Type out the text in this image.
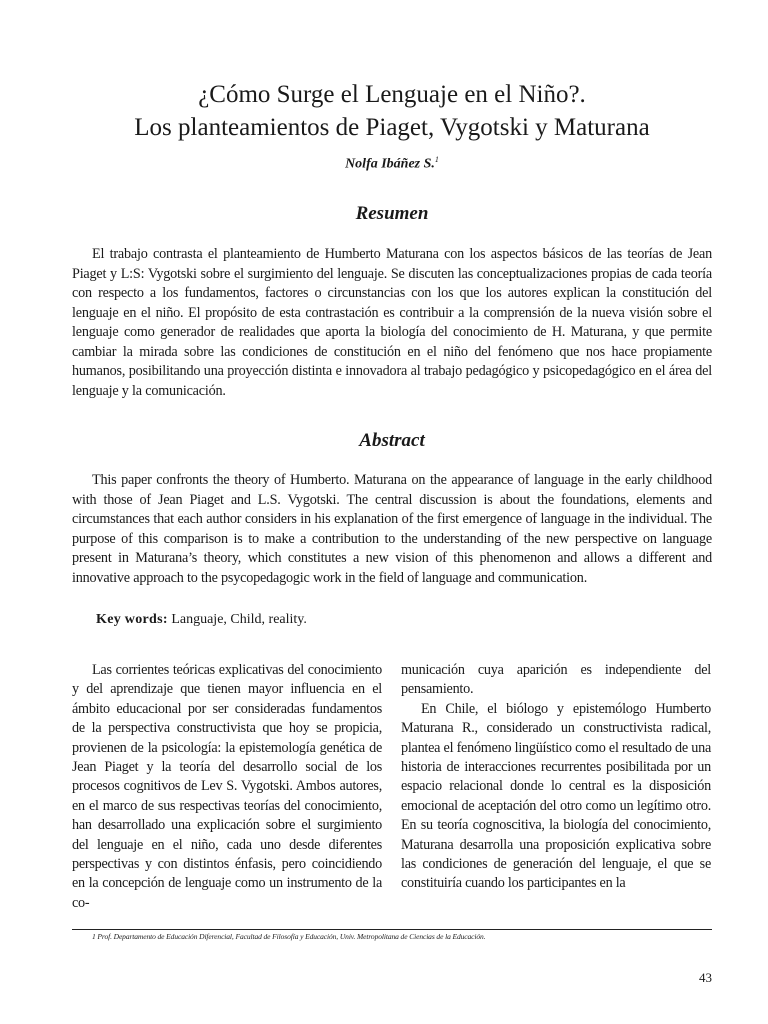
¿Cómo Surge el Lenguaje en el Niño?.
Los planteamientos de Piaget, Vygotski y Maturana
Nolfa Ibáñez S.$^1$
Resumen
El trabajo contrasta el planteamiento de Humberto Maturana con los aspectos básicos de las teorías de Jean Piaget y L:S: Vygotski sobre el surgimiento del lenguaje. Se discuten las conceptualizaciones propias de cada teoría con respecto a los fundamentos, factores o circunstancias con los que los autores explican la constitución del lenguaje en el niño. El propósito de esta contrastación es contribuir a la comprensión de la nueva visión sobre el lenguaje como generador de realidades que aporta la biología del conocimiento de H. Maturana, y que permite cambiar la mirada sobre las condiciones de constitución en el niño del fenómeno que nos hace propiamente humanos, posibilitando una proyección distinta e innovadora al trabajo pedagógico y psicopedagógico en el área del lenguaje y la comunicación.
Abstract
This paper confronts the theory of Humberto. Maturana on the appearance of language in the early childhood with those of Jean Piaget and L.S. Vygotski. The central discussion is about the foundations, elements and circumstances that each author considers in his explanation of the first emergence of language in the individual. The purpose of this comparison is to make a contribution to the understanding of the new perspective on language present in Maturana’s theory, which constitutes a new vision of this phenomenon and allows a different and innovative approach to the psycopedagogic work in the field of language and communication.
Key words: Languaje, Child, reality.

Las corrientes teóricas explicativas del conocimiento y del aprendizaje que tienen mayor influencia en el ámbito educacional por ser consideradas fundamentos de la perspectiva constructivista que hoy se propicia, provienen de la psicología: la epistemología genética de Jean Piaget y la teoría del desarrollo social de los procesos cognitivos de Lev S. Vygotski. Ambos autores, en el marco de sus respectivas teorías del conocimiento, han desarrollado una explicación sobre el surgimiento del lenguaje en el niño, cada uno desde diferentes perspectivas y con distintos énfasis, pero coincidiendo en la concepción de lenguaje como un instrumento de la co-

municación cuya aparición es independiente del pensamiento.

En Chile, el biólogo y epistemólogo Humberto Maturana R., considerado un constructivista radical, plantea el fenómeno lingüístico como el resultado de una historia de interacciones recurrentes posibilitada por un espacio relacional donde lo central es la disposición emocional de aceptación del otro como un legítimo otro. En su teoría cognoscitiva, la biología del conocimiento, Maturana desarrolla una proposición explicativa sobre las condiciones de generación del lenguaje, el que se constituiría cuando los participantes en la

1 Prof. Departamento de Educación Diferencial, Facultad de Filosofía y Educación, Univ. Metropolitana de Ciencias de la Educación.
43
